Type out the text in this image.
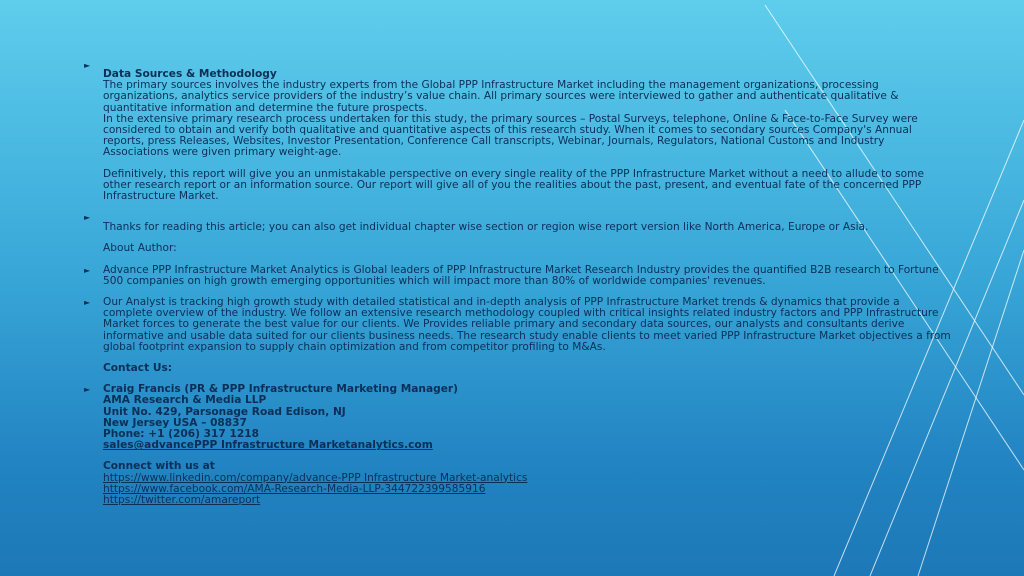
►

Data Sources & Methodology

The primary sources involves the industry experts from the Global PPP Infrastructure Market including the management organizations, processing organizations, analytics service providers of the industry’s value chain. All primary sources were interviewed to gather and authenticate qualitative & quantitative information and determine the future prospects.

In the extensive primary research process undertaken for this study, the primary sources – Postal Surveys, telephone, Online & Face-to-Face Survey were considered to obtain and verify both qualitative and quantitative aspects of this research study. When it comes to secondary sources Company's Annual reports, press Releases, Websites, Investor Presentation, Conference Call transcripts, Webinar, Journals, Regulators, National Customs and Industry Associations were given primary weight-age.

Definitively, this report will give you an unmistakable perspective on every single reality of the PPP Infrastructure Market without a need to allude to some other research report or an information source. Our report will give all of you the realities about the past, present, and eventual fate of the concerned PPP Infrastructure Market.

►

Thanks for reading this article; you can also get individual chapter wise section or region wise report version like North America, Europe or Asia.

About Author:

► Advance PPP Infrastructure Market Analytics is Global leaders of PPP Infrastructure Market Research Industry provides the quantified B2B research to Fortune 500 companies on high growth emerging opportunities which will impact more than 80% of worldwide companies' revenues.

► Our Analyst is tracking high growth study with detailed statistical and in-depth analysis of PPP Infrastructure Market trends & dynamics that provide a complete overview of the industry. We follow an extensive research methodology coupled with critical insights related industry factors and PPP Infrastructure Market forces to generate the best value for our clients. We Provides reliable primary and secondary data sources, our analysts and consultants derive informative and usable data suited for our clients business needs. The research study enable clients to meet varied PPP Infrastructure Market objectives a from global footprint expansion to supply chain optimization and from competitor profiling to M&As.

Contact Us:

► Craig Francis (PR & PPP Infrastructure Marketing Manager)

AMA Research & Media LLP

Unit No. 429, Parsonage Road Edison, NJ

New Jersey USA – 08837

Phone: +1 (206) 317 1218

sales@advancePPP Infrastructure Marketanalytics.com

Connect with us at

https://www.linkedin.com/company/advance-PPP Infrastructure Market-analytics

https://www.facebook.com/AMA-Research-Media-LLP-344722399585916

https://twitter.com/amareport
